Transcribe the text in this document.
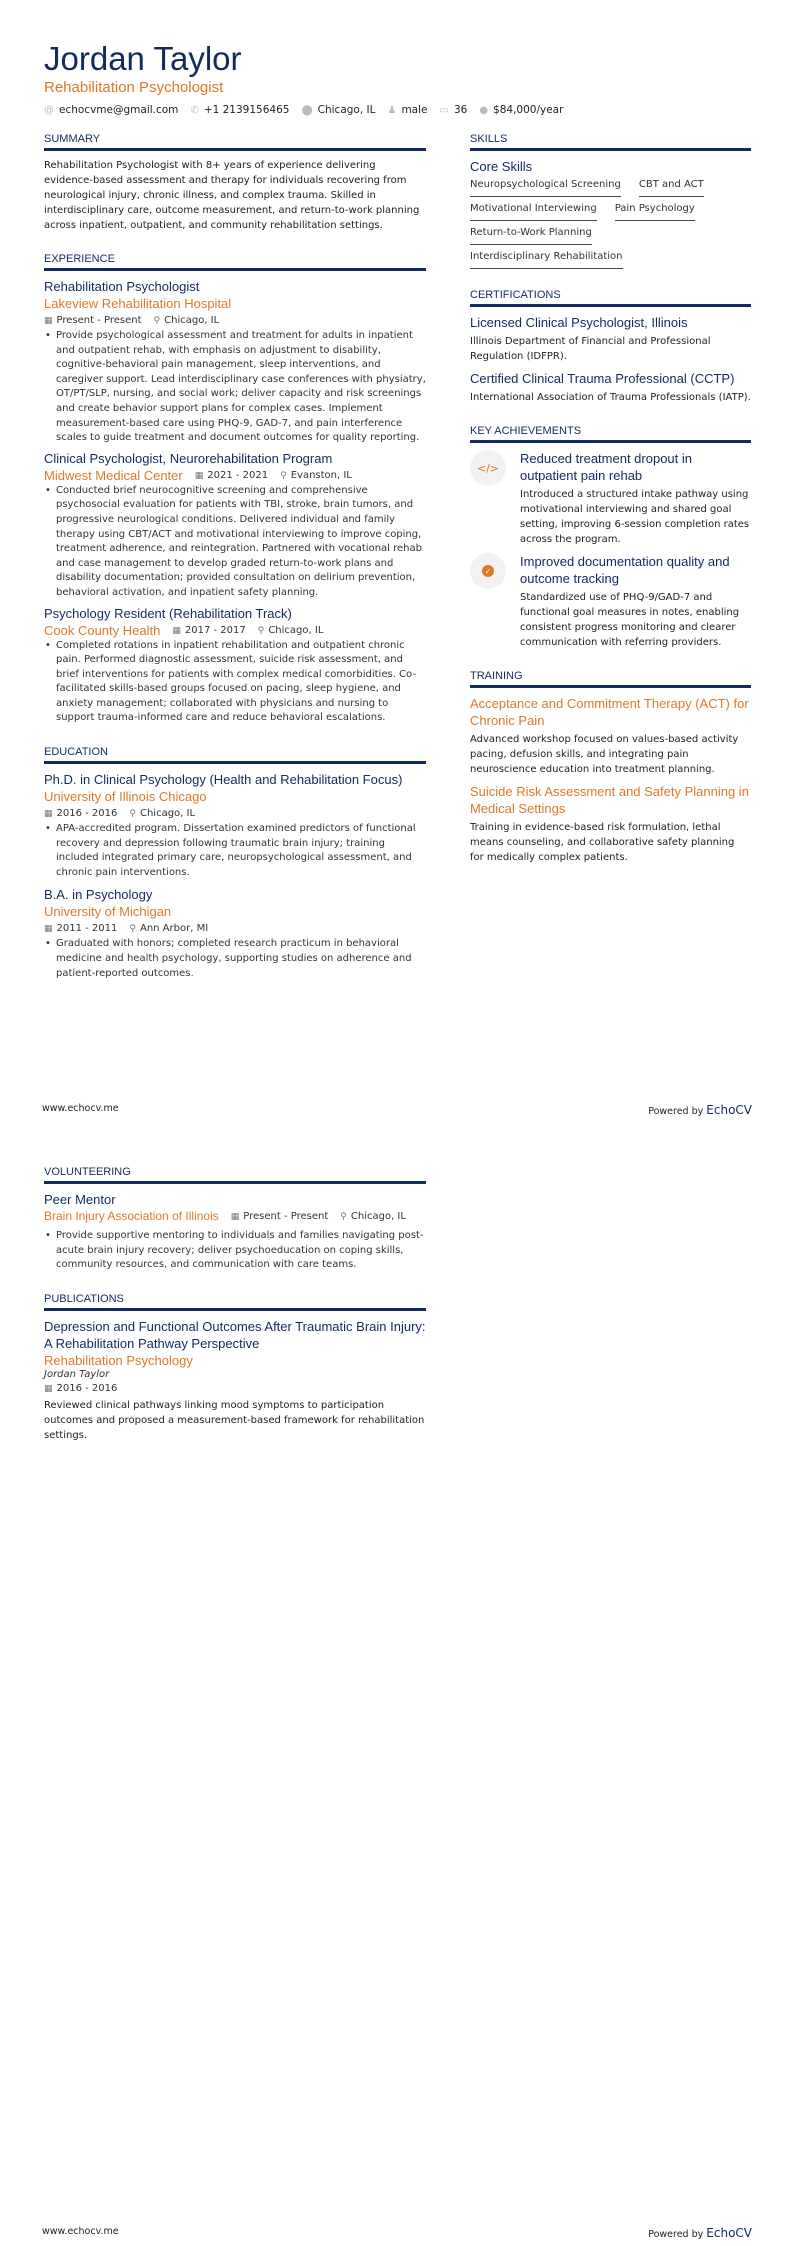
Jordan Taylor
Rehabilitation Psychologist
@ echocvme@gmail.com ✆ +1 2139156465 ⬤ Chicago, IL ♟ male ▭ 36 ● $84,000/year
SUMMARY
Rehabilitation Psychologist with 8+ years of experience delivering evidence-based assessment and therapy for individuals recovering from neurological injury, chronic illness, and complex trauma. Skilled in interdisciplinary care, outcome measurement, and return-to-work planning across inpatient, outpatient, and community rehabilitation settings.
EXPERIENCE
Rehabilitation Psychologist
Lakeview Rehabilitation Hospital
▦ Present - Present ⚲ Chicago, IL
• Provide psychological assessment and treatment for adults in inpatient and outpatient rehab, with emphasis on adjustment to disability, cognitive-behavioral pain management, sleep interventions, and caregiver support. Lead interdisciplinary case conferences with physiatry, OT/PT/SLP, nursing, and social work; deliver capacity and risk screenings and create behavior support plans for complex cases. Implement measurement-based care using PHQ-9, GAD-7, and pain interference scales to guide treatment and document outcomes for quality reporting.
Clinical Psychologist, Neurorehabilitation Program
Midwest Medical Center ▦ 2021 - 2021 ⚲ Evanston, IL
• Conducted brief neurocognitive screening and comprehensive psychosocial evaluation for patients with TBI, stroke, brain tumors, and progressive neurological conditions. Delivered individual and family therapy using CBT/ACT and motivational interviewing to improve coping, treatment adherence, and reintegration. Partnered with vocational rehab and case management to develop graded return-to-work plans and disability documentation; provided consultation on delirium prevention, behavioral activation, and inpatient safety planning.
Psychology Resident (Rehabilitation Track)
Cook County Health ▦ 2017 - 2017 ⚲ Chicago, IL
• Completed rotations in inpatient rehabilitation and outpatient chronic pain. Performed diagnostic assessment, suicide risk assessment, and brief interventions for patients with complex medical comorbidities. Co-facilitated skills-based groups focused on pacing, sleep hygiene, and anxiety management; collaborated with physicians and nursing to support trauma-informed care and reduce behavioral escalations.
EDUCATION
Ph.D. in Clinical Psychology (Health and Rehabilitation Focus)
University of Illinois Chicago
▦ 2016 - 2016 ⚲ Chicago, IL
• APA-accredited program. Dissertation examined predictors of functional recovery and depression following traumatic brain injury; training included integrated primary care, neuropsychological assessment, and chronic pain interventions.
B.A. in Psychology
University of Michigan
▦ 2011 - 2011 ⚲ Ann Arbor, MI
• Graduated with honors; completed research practicum in behavioral medicine and health psychology, supporting studies on adherence and patient-reported outcomes.
SKILLS
Core Skills
Neuropsychological Screening CBT and ACT
Motivational Interviewing Pain Psychology
Return-to-Work Planning
Interdisciplinary Rehabilitation
CERTIFICATIONS
Licensed Clinical Psychologist, Illinois
Illinois Department of Financial and Professional Regulation (IDFPR).
Certified Clinical Trauma Professional (CCTP)
International Association of Trauma Professionals (IATP).
KEY ACHIEVEMENTS
</>
Reduced treatment dropout in outpatient pain rehab
Introduced a structured intake pathway using motivational interviewing and shared goal setting, improving 6-session completion rates across the program.
✓
Improved documentation quality and outcome tracking
Standardized use of PHQ-9/GAD-7 and functional goal measures in notes, enabling consistent progress monitoring and clearer communication with referring providers.
TRAINING
Acceptance and Commitment Therapy (ACT) for Chronic Pain
Advanced workshop focused on values-based activity pacing, defusion skills, and integrating pain neuroscience education into treatment planning.
Suicide Risk Assessment and Safety Planning in Medical Settings
Training in evidence-based risk formulation, lethal means counseling, and collaborative safety planning for medically complex patients.
www.echocv.me	Powered by EchoCV
VOLUNTEERING
Peer Mentor
Brain Injury Association of Illinois ▦ Present - Present ⚲ Chicago, IL
• Provide supportive mentoring to individuals and families navigating post-acute brain injury recovery; deliver psychoeducation on coping skills, community resources, and communication with care teams.
PUBLICATIONS
Depression and Functional Outcomes After Traumatic Brain Injury: A Rehabilitation Pathway Perspective
Rehabilitation Psychology
Jordan Taylor
▦ 2016 - 2016
Reviewed clinical pathways linking mood symptoms to participation outcomes and proposed a measurement-based framework for rehabilitation settings.
www.echocv.me	Powered by EchoCV
